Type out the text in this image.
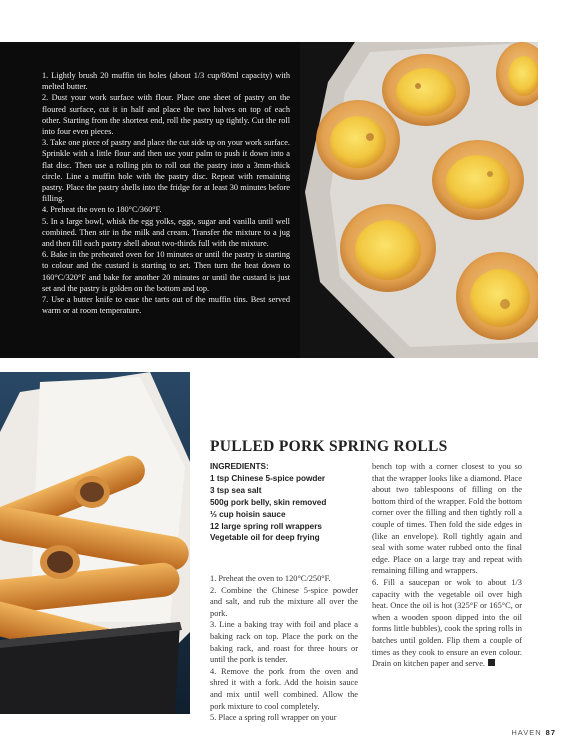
1. Lightly brush 20 muffin tin holes (about 1/3 cup/80ml capacity) with melted butter.

2. Dust your work surface with flour. Place one sheet of pastry on the floured surface, cut it in half and place the two halves on top of each other. Starting from the shortest end, roll the pastry up tightly. Cut the roll into four even pieces.

3. Take one piece of pastry and place the cut side up on your work surface. Sprinkle with a little flour and then use your palm to push it down into a flat disc. Then use a rolling pin to roll out the pastry into a 3mm-thick circle. Line a muffin hole with the pastry disc. Repeat with remaining pastry. Place the pastry shells into the fridge for at least 30 minutes before filling.

4. Preheat the oven to 180°C/360°F.

5. In a large bowl, whisk the egg yolks, eggs, sugar and vanilla until well combined. Then stir in the milk and cream. Transfer the mixture to a jug and then fill each pastry shell about two-thirds full with the mixture.

6. Bake in the preheated oven for 10 minutes or until the pastry is starting to colour and the custard is starting to set. Then turn the heat down to 160°C/320°F and bake for another 20 minutes or until the custard is just set and the pastry is golden on the bottom and top.

7. Use a butter knife to ease the tarts out of the muffin tins. Best served warm or at room temperature.

PULLED PORK SPRING ROLLS
INGREDIENTS:
1 tsp Chinese 5-spice powder
3 tsp sea salt
500g pork belly, skin removed
⅓ cup hoisin sauce
12 large spring roll wrappers
Vegetable oil for deep frying

1. Preheat the oven to 120°C/250°F.

2. Combine the Chinese 5-spice powder and salt, and rub the mixture all over the pork.

3. Line a baking tray with foil and place a baking rack on top. Place the pork on the baking rack, and roast for three hours or until the pork is tender.

4. Remove the pork from the oven and shred it with a fork. Add the hoisin sauce and mix until well combined. Allow the pork mixture to cool completely.

5. Place a spring roll wrapper on your

bench top with a corner closest to you so that the wrapper looks like a diamond. Place about two tablespoons of filling on the bottom third of the wrapper. Fold the bottom corner over the filling and then tightly roll a couple of times. Then fold the side edges in (like an envelope). Roll tightly again and seal with some water rubbed onto the final edge. Place on a large tray and repeat with remaining filling and wrappers.

6. Fill a saucepan or wok to about 1/3 capacity with the vegetable oil over high heat. Once the oil is hot (325°F or 165°C, or when a wooden spoon dipped into the oil forms little bubbles), cook the spring rolls in batches until golden. Flip them a couple of times as they cook to ensure an even colour. Drain on kitchen paper and serve.

HAVEN 87
